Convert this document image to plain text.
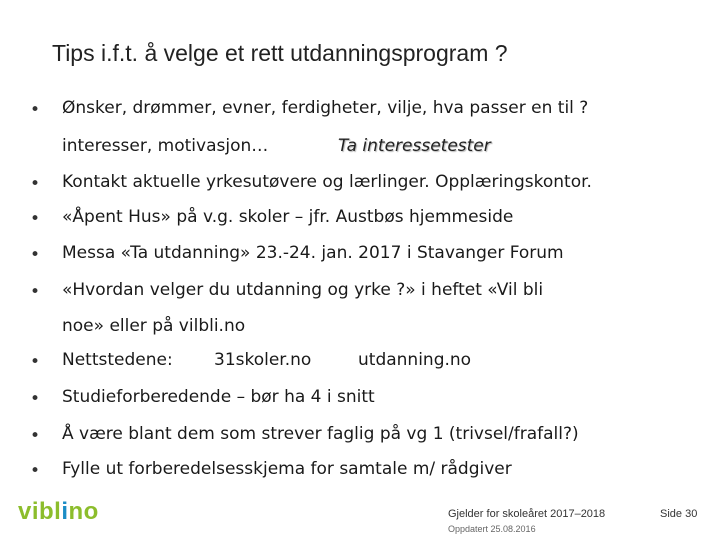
Tips i.f.t. å velge et rett utdanningsprogram ?
• Ønsker, drømmer, evner, ferdigheter, vilje, hva passer en til ?
interesser, motivasjon…	Ta interessetester
• Kontakt aktuelle yrkesutøvere og lærlinger. Opplæringskontor.
• «Åpent Hus» på v.g. skoler – jfr. Austbøs hjemmeside
• Messa «Ta utdanning» 23.-24. jan. 2017 i Stavanger Forum
• «Hvordan velger du utdanning og yrke ?» i heftet «Vil bli
noe» eller på vilbli.no
• Nettstedene: 31skoler.no	utdanning.no
• Studieforberedende – bør ha 4 i snitt
• Å være blant dem som strever faglig på vg 1 (trivsel/frafall?)
• Fylle ut forberedelsesskjema for samtale m/ rådgiver
viblino	Gjelder for skoleåret 2017–2018
Oppdatert 25.08.2016
Side 30
